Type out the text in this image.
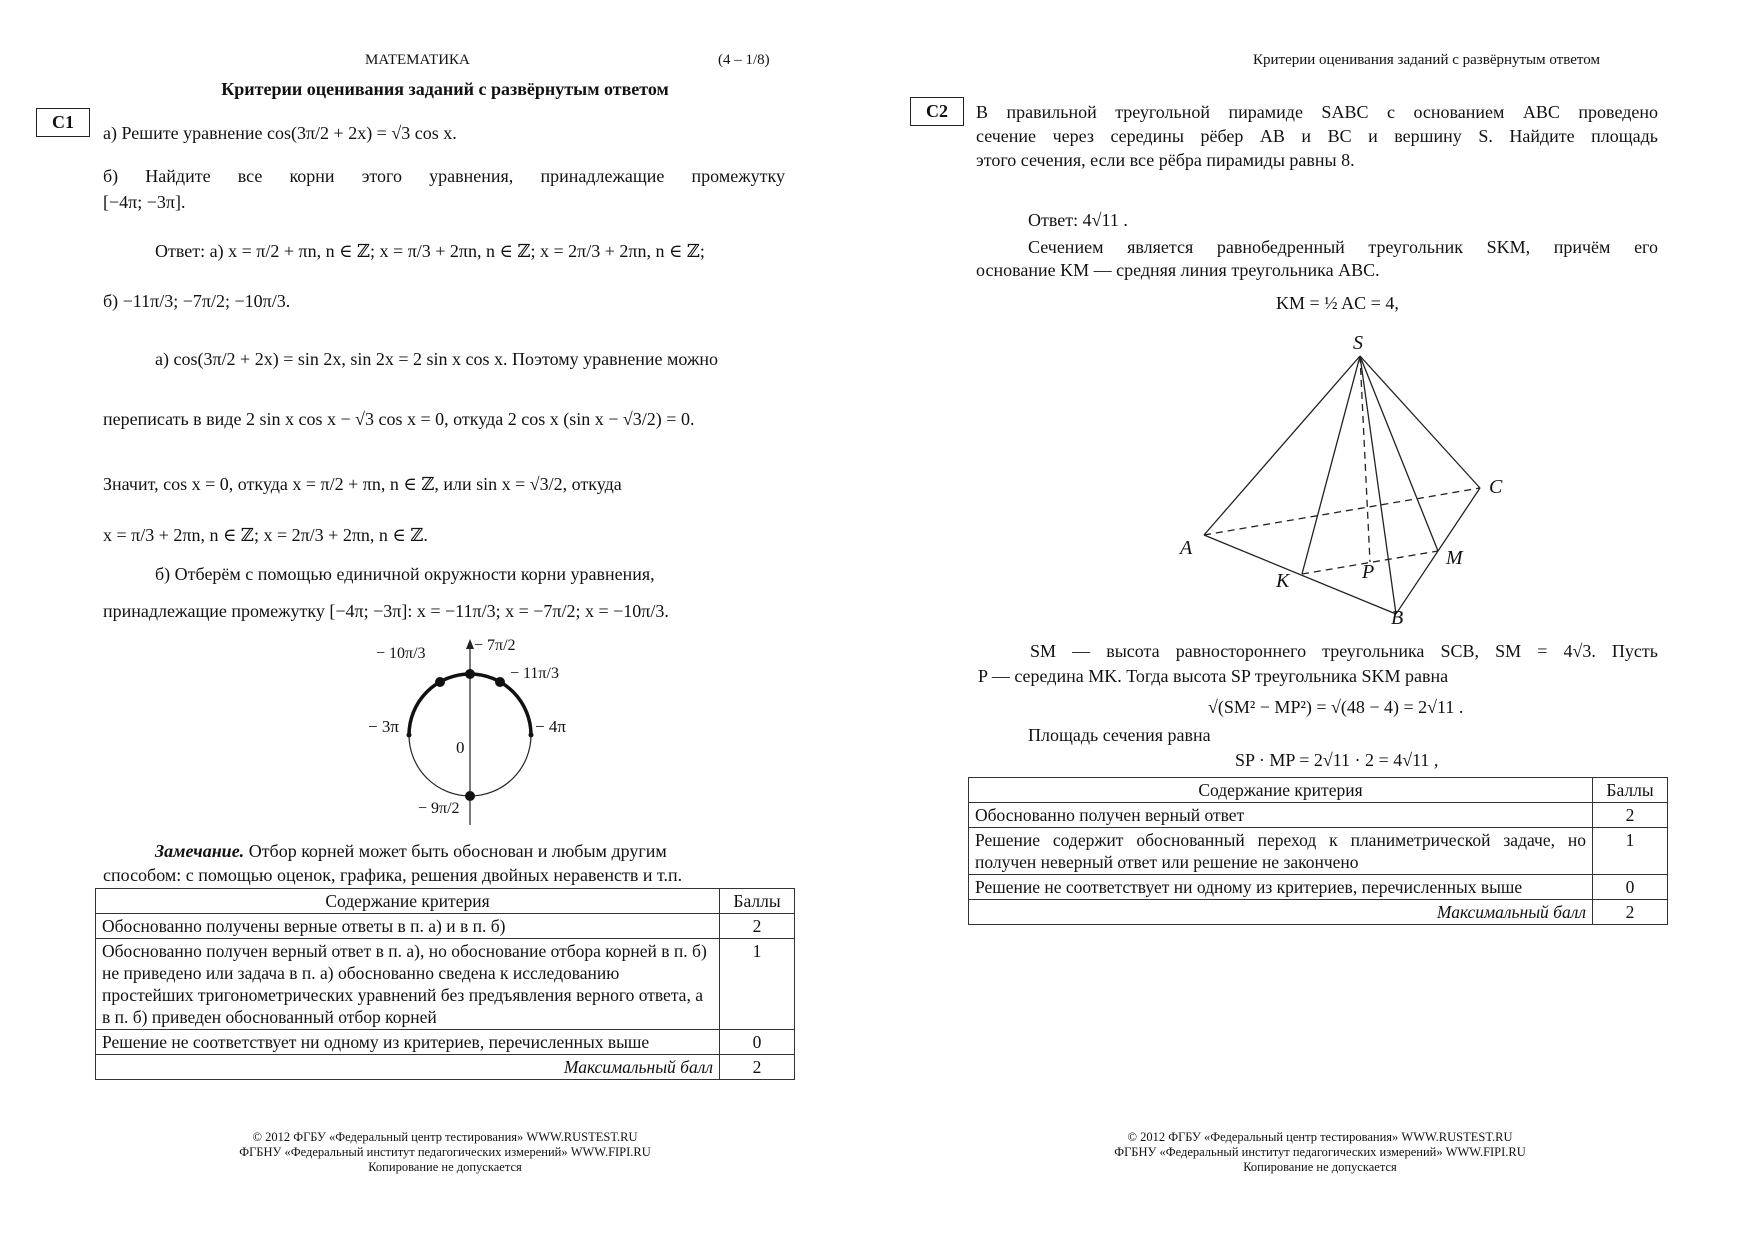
МАТЕМАТИКА	(4 – 1/8)
Критерии оценивания заданий с развёрнутым ответом
C1
а) Решите уравнение cos(3π/2 + 2x) = √3 cos x.
б) Найдите все корни этого уравнения, принадлежащие промежутку
[−4π; −3π].
Ответ: а) x = π/2 + πn, n ∈ ℤ; x = π/3 + 2πn, n ∈ ℤ; x = 2π/3 + 2πn, n ∈ ℤ;
б) −11π/3; −7π/2; −10π/3.
а) cos(3π/2 + 2x) = sin 2x, sin 2x = 2 sin x cos x. Поэтому уравнение можно
переписать в виде 2 sin x cos x − √3 cos x = 0, откуда 2 cos x (sin x − √3/2) = 0.
Значит, cos x = 0, откуда x = π/2 + πn, n ∈ ℤ, или sin x = √3/2, откуда
x = π/3 + 2πn, n ∈ ℤ; x = 2π/3 + 2πn, n ∈ ℤ.
б) Отберём с помощью единичной окружности корни уравнения,
принадлежащие промежутку [−4π; −3π]: x = −11π/3; x = −7π/2; x = −10π/3.
− 10π/3	− 7π/2
− 11π/3
− 3π	− 4π
0
− 9π/2
Замечание. Отбор корней может быть обоснован и любым другим
способом: с помощью оценок, графика, решения двойных неравенств и т.п.
Содержание критерия	Баллы
Обоснованно получены верные ответы в п. а) и в п. б)	2
Обоснованно получен верный ответ в п. а), но обоснование отбора корней в п. б) не приведено или задача в п. а) обоснованно сведена к исследованию простейших тригонометрических уравнений без предъявления верного ответа, а в п. б) приведен обоснованный отбор корней	1
Решение не соответствует ни одному из критериев, перечисленных выше	0
Максимальный балл	2
© 2012 ФГБУ «Федеральный центр тестирования» WWW.RUSTEST.RU
ФГБНУ «Федеральный институт педагогических измерений» WWW.FIPI.RU
Копирование не допускается
Критерии оценивания заданий с развёрнутым ответом
C2	В правильной треугольной пирамиде SABC с основанием ABC проведено
сечение через середины рёбер AB и BC и вершину S. Найдите площадь
этого сечения, если все рёбра пирамиды равны 8.
Ответ: 4√11 .
Сечением является равнобедренный треугольник SKM, причём его
основание KM — средняя линия треугольника ABC.
KM = ½ AC = 4,
S
C
A	M
P
K
B
SM — высота равностороннего треугольника SCB, SM = 4√3. Пусть
P — середина MK. Тогда высота SP треугольника SKM равна
√(SM² − MP²) = √(48 − 4) = 2√11 .
Площадь сечения равна
SP · MP = 2√11 · 2 = 4√11 ,
Содержание критерия	Баллы
Обоснованно получен верный ответ	2
Решение содержит обоснованный переход к планиметрической задаче, но получен неверный ответ или решение не закончено	1
Решение не соответствует ни одному из критериев, перечисленных выше	0
Максимальный балл	2
© 2012 ФГБУ «Федеральный центр тестирования» WWW.RUSTEST.RU
ФГБНУ «Федеральный институт педагогических измерений» WWW.FIPI.RU
Копирование не допускается
